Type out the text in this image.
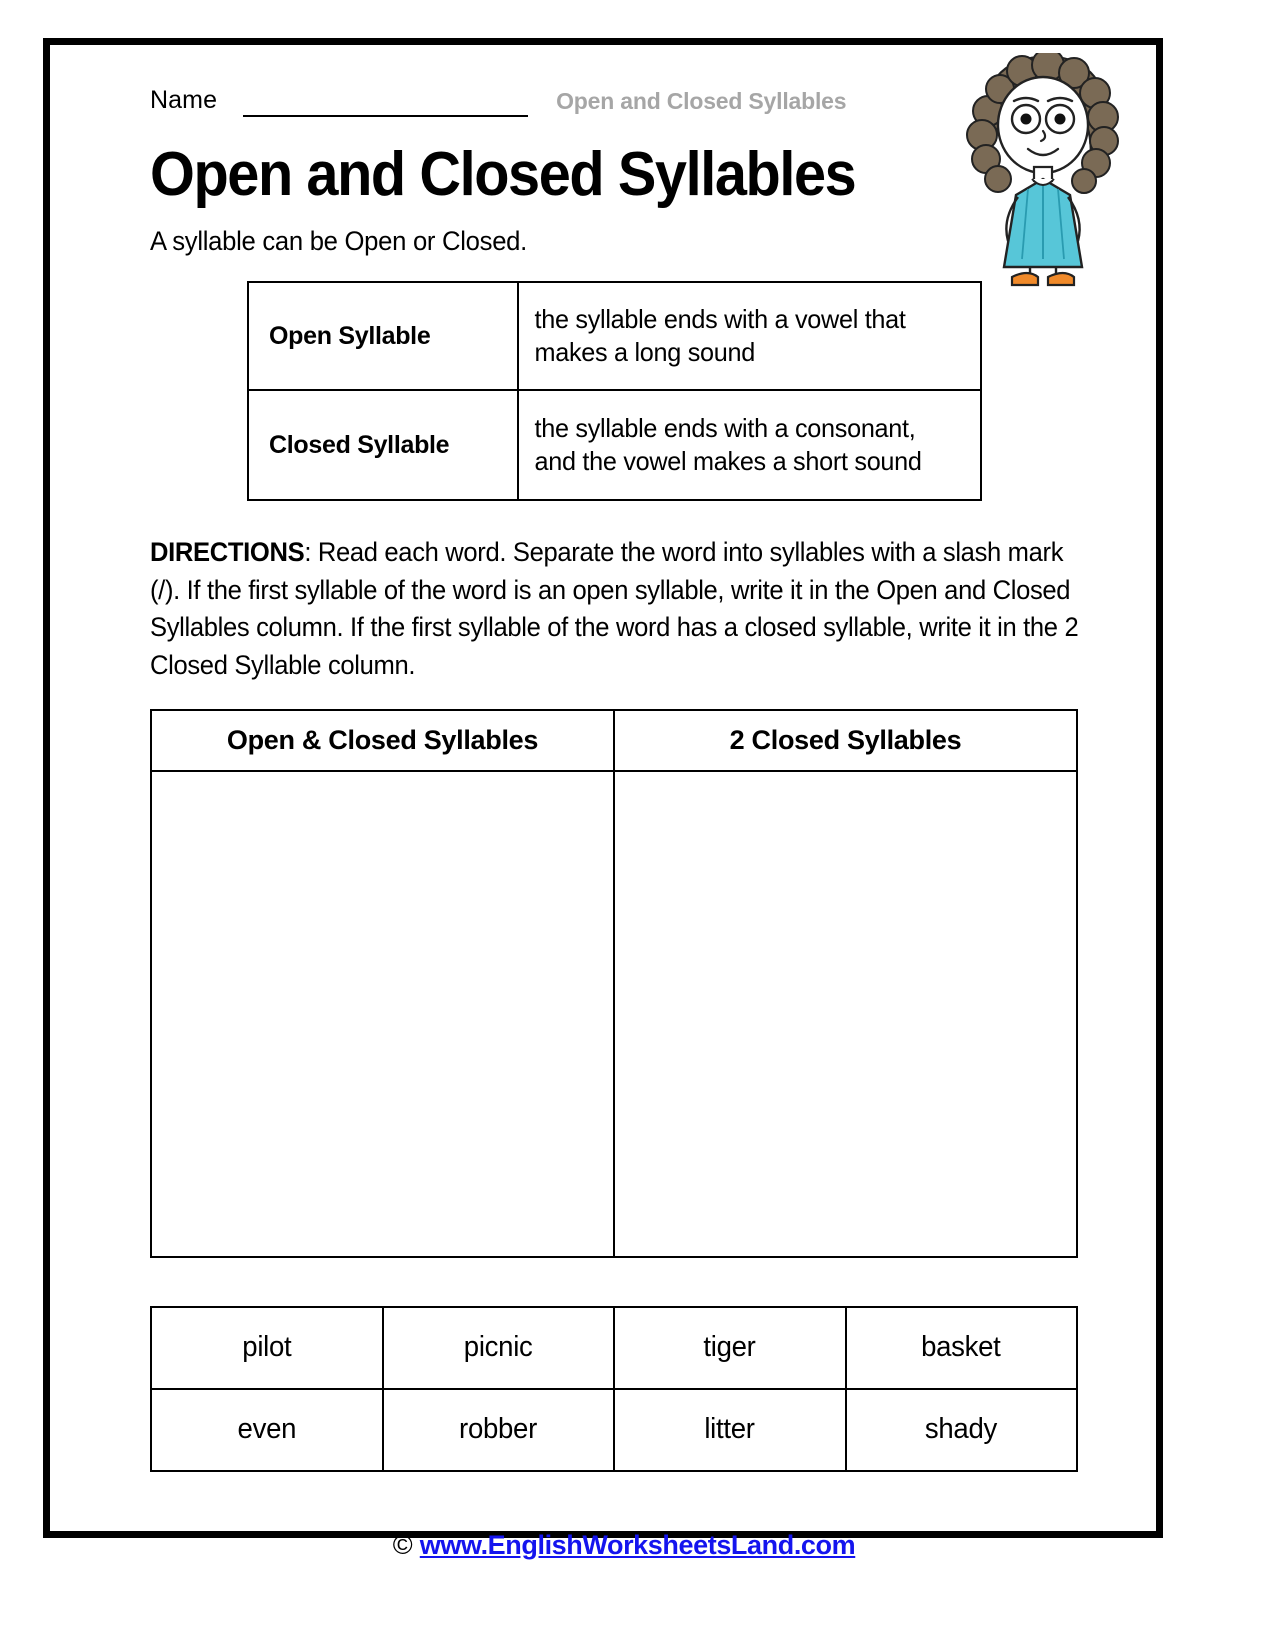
Name	Open and Closed Syllables
Open and Closed Syllables
A syllable can be Open or Closed.
Open Syllable	the syllable ends with a vowel that makes a long sound
Closed Syllable	the syllable ends with a consonant, and the vowel makes a short sound
DIRECTIONS: Read each word. Separate the word into syllables with a slash mark (/). If the first syllable of the word is an open syllable, write it in the Open and Closed Syllables column. If the first syllable of the word has a closed syllable, write it in the 2 Closed Syllable column.
Open & Closed Syllables	2 Closed Syllables

pilot	picnic	tiger	basket
even	robber	litter	shady
© www.EnglishWorksheetsLand.com
